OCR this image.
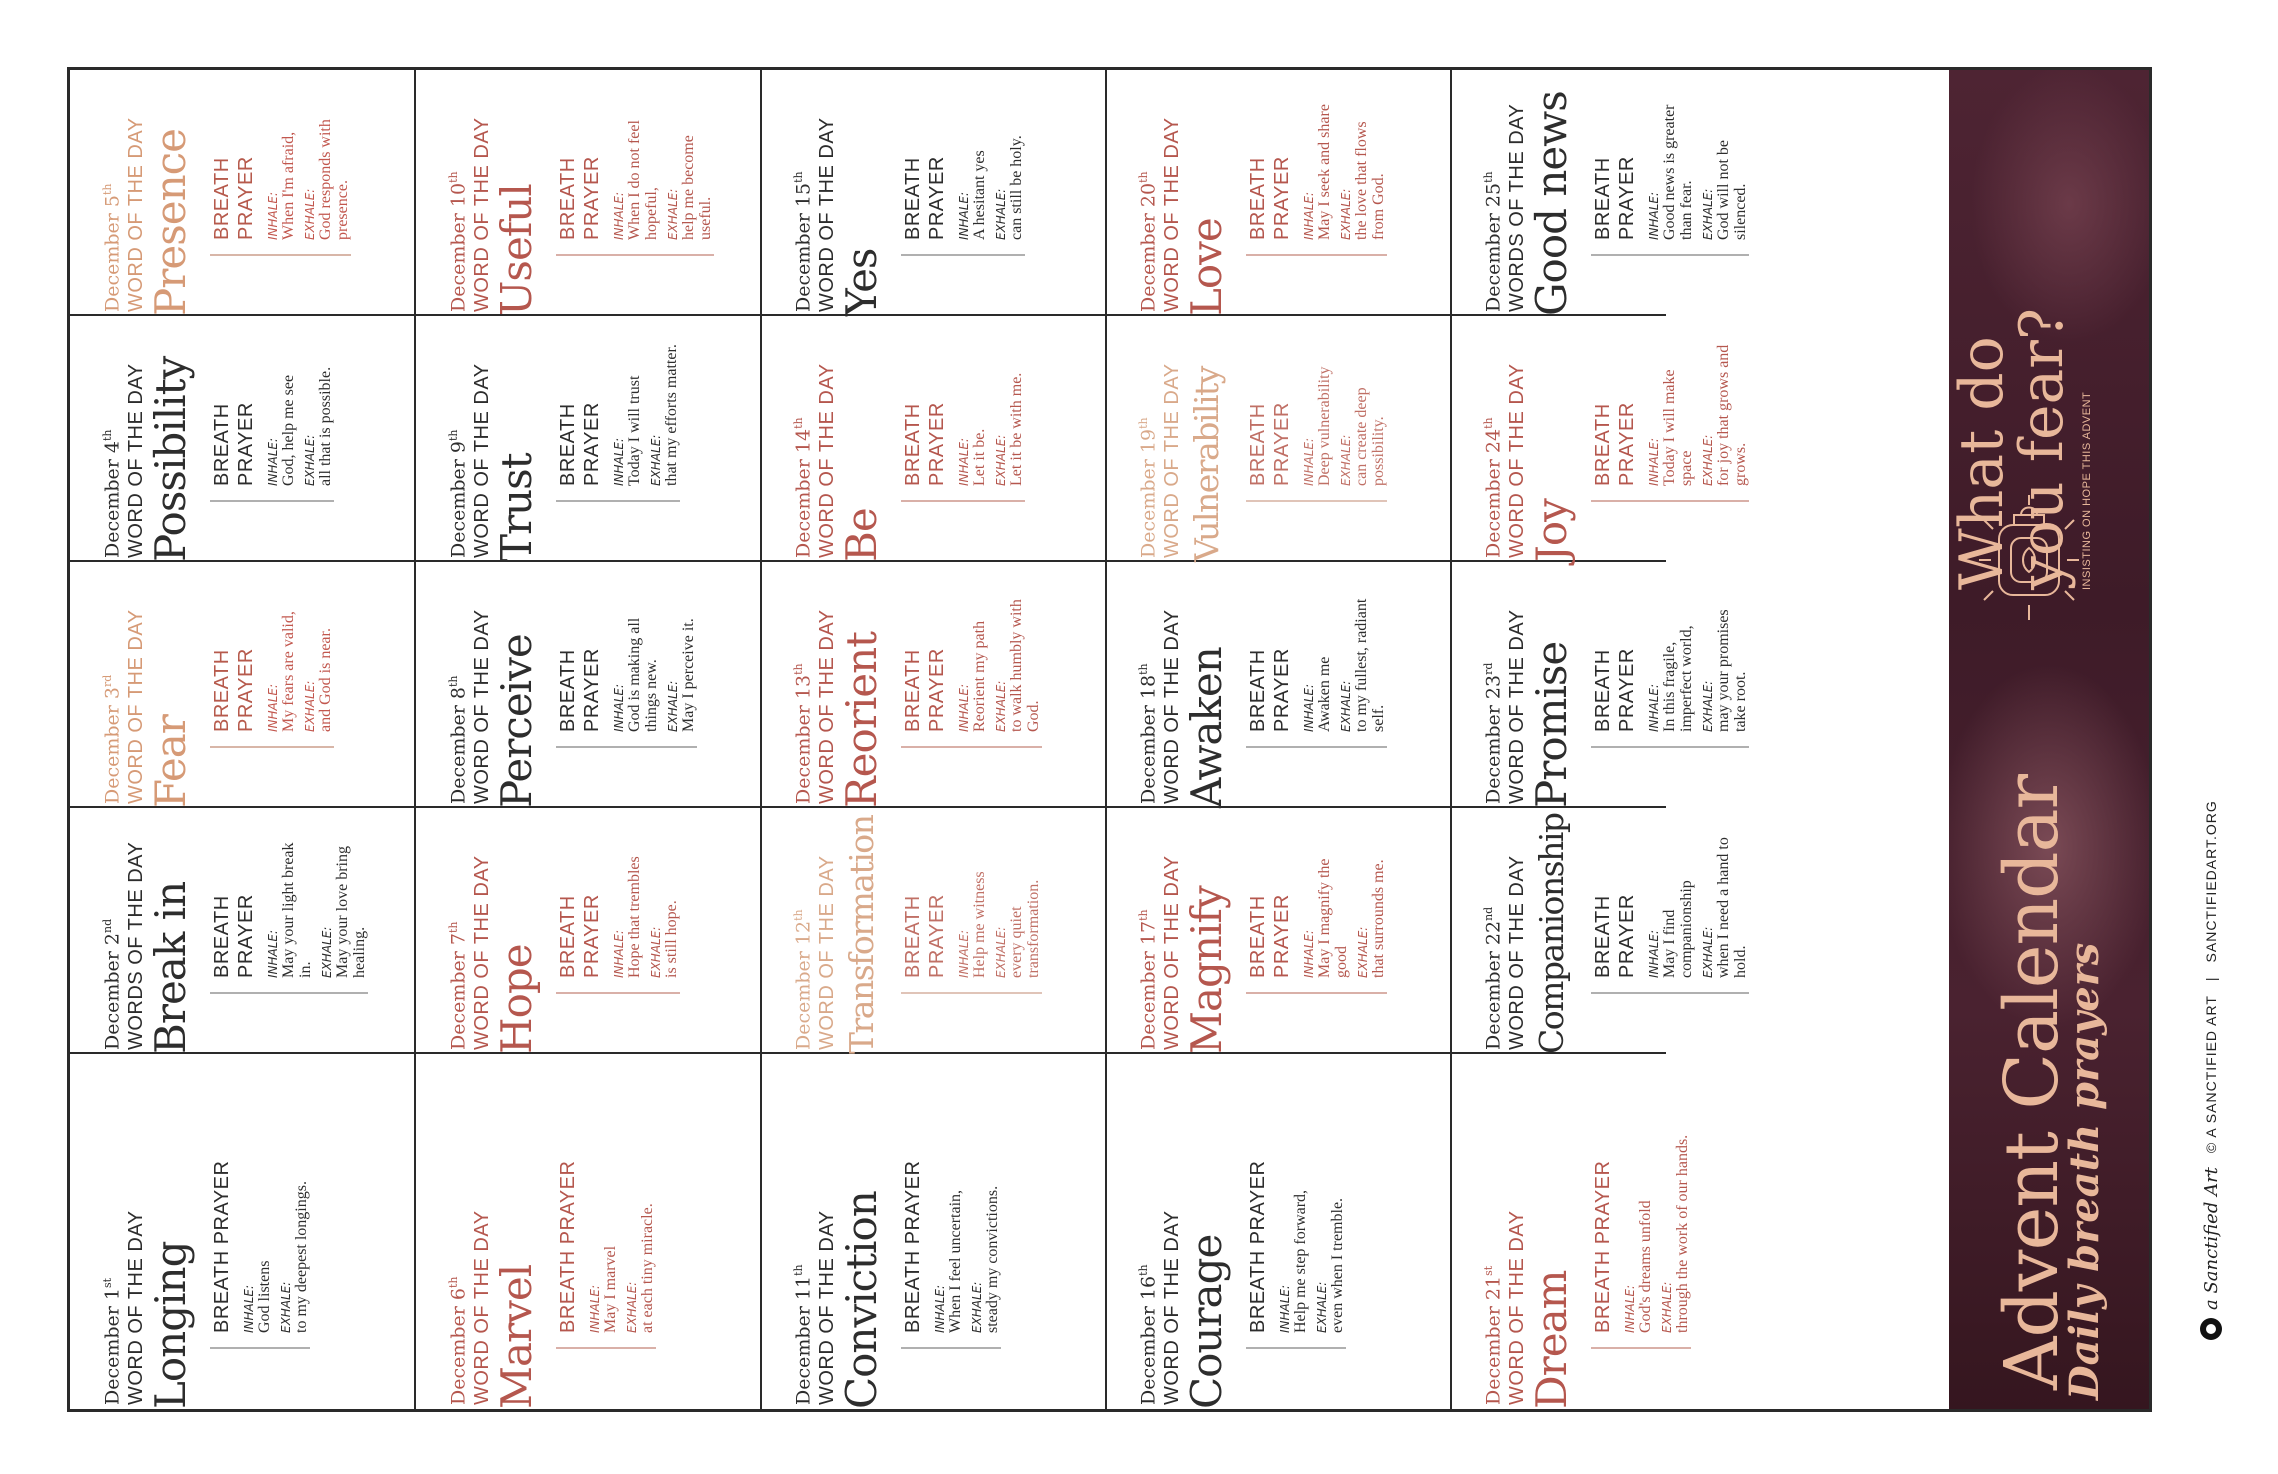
December 1st WORD OF THE DAY Longing BREATH PRAYER INHALE: God listens EXHALE: to my deepest longings.
December 2nd WORDS OF THE DAY Break in BREATH PRAYER INHALE: May your light break in. EXHALE: May your love bring healing.
December 3rd WORD OF THE DAY Fear
BREATH PRAYER INHALE: My fears are valid, EXHALE: and God is near.
December 4th WORD OF THE DAY Possibility BREATH PRAYER INHALE: God, help me see EXHALE: all that is possible.
December 5th WORD OF THE DAY Presence BREATH PRAYER INHALE: When I'm afraid, EXHALE: God responds with presence.
December 6th WORD OF THE DAY Marvel
BREATH PRAYER INHALE: May I marvel EXHALE: at each tiny miracle.
December 7th WORD OF THE DAY Hope
BREATH PRAYER INHALE: Hope that trembles EXHALE: is still hope.
December 8th WORD OF THE DAY Perceive BREATH PRAYER INHALE: God is making all things new. EXHALE: May I perceive it.
December 9th WORD OF THE DAY Trust
BREATH PRAYER INHALE: Today I will trust EXHALE: that my efforts matter.
December 10th WORD OF THE DAY Useful BREATH PRAYER INHALE: When I do not feel hopeful, EXHALE: help me become useful.
December 11th WORD OF THE DAY Conviction BREATH PRAYER INHALE: When I feel uncertain, EXHALE: steady my convictions.
December 12th WORD OF THE DAY Transformation BREATH PRAYER INHALE: Help me witness EXHALE: every quiet transformation.
December 13th WORD OF THE DAY Reorient BREATH PRAYER INHALE: Reorient my path EXHALE: to walk humbly with God.
December 14th WORD OF THE DAY Be
BREATH PRAYER INHALE: Let it be. EXHALE: Let it be with me.
December 15th WORD OF THE DAY Yes
BREATH PRAYER INHALE: A hesitant yes EXHALE: can still be holy.
December 16th WORD OF THE DAY Courage BREATH PRAYER INHALE: Help me step forward, EXHALE: even when I tremble.
December 17th WORD OF THE DAY Magnify BREATH PRAYER INHALE: May I magnify the good EXHALE: that surrounds me.
December 18th WORD OF THE DAY Awaken BREATH PRAYER INHALE: Awaken me EXHALE: to my fullest, radiant self.
December 19th WORD OF THE DAY Vulnerability BREATH PRAYER INHALE: Deep vulnerability EXHALE: can create deep possibility.
December 20th WORD OF THE DAY Love
BREATH PRAYER INHALE: May I seek and share EXHALE: the love that flows from God.
December 21st WORD OF THE DAY Dream
BREATH PRAYER INHALE: God's dreams unfold EXHALE: through the work of our hands.
December 22nd WORD OF THE DAY Companionship BREATH PRAYER INHALE: May I find companionship EXHALE: when I need a hand to hold.
December 23rd WORD OF THE DAY Promise BREATH PRAYER INHALE: In this fragile, imperfect world, EXHALE: may your promises take root.
December 24th WORD OF THE DAY Joy
BREATH PRAYER INHALE: Today I will make space EXHALE: for joy that grows and grows.
December 25th WORDS OF THE DAY Good news BREATH PRAYER INHALE: Good news is greater than fear. EXHALE: God will not be silenced.
Advent Calendar
Daily breath prayers
What do
you fear? INSISTING ON HOPE THIS ADVENT
a Sanctified Art
© A SANCTIFIED ART
|
SANCTIFIEDART.ORG
